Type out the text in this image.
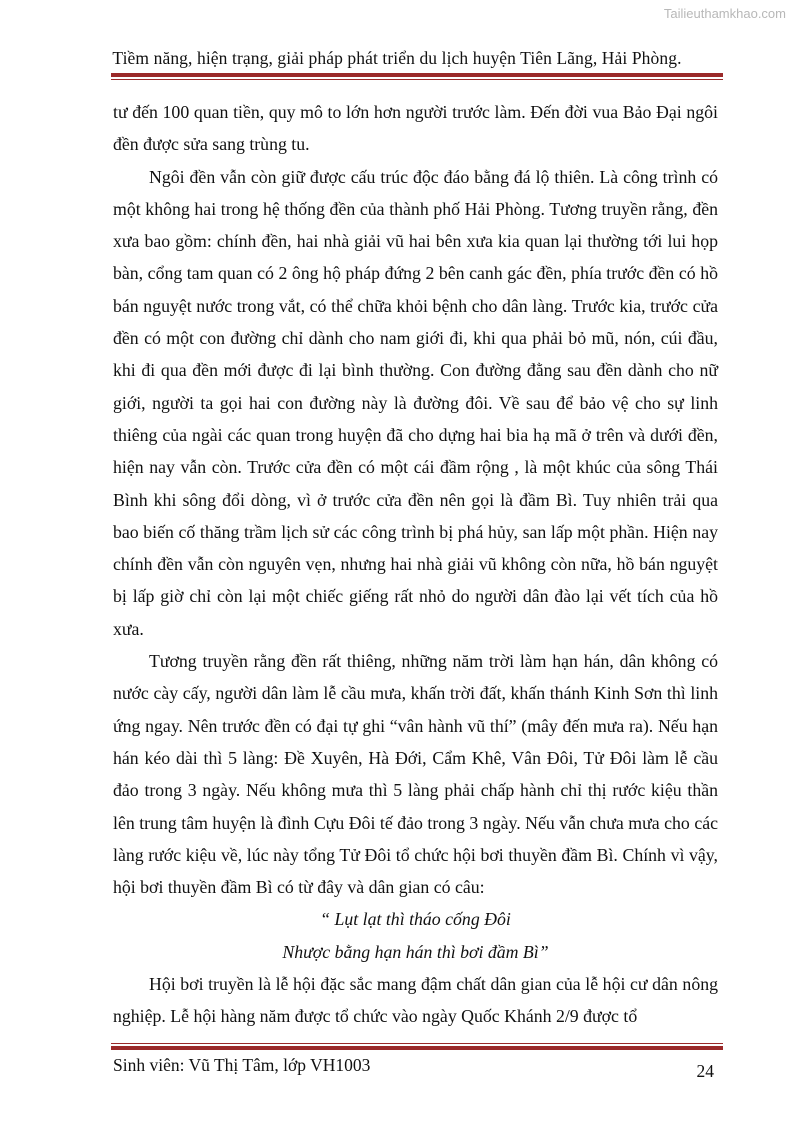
Tailieuthamkhao.com
Tiềm năng, hiện trạng, giải pháp phát triển du lịch huyện Tiên Lãng, Hải Phòng.

tư đến 100 quan tiền, quy mô to lớn hơn người trước làm. Đến đời vua Bảo Đại ngôi đền được sửa sang trùng tu.

Ngôi đền vẫn còn giữ được cấu trúc độc đáo bằng đá lộ thiên. Là công trình có một không hai trong hệ thống đền của thành phố Hải Phòng. Tương truyền rằng, đền xưa bao gồm: chính đền, hai nhà giải vũ hai bên xưa kia quan lại thường tới lui họp bàn, cổng tam quan có 2 ông hộ pháp đứng 2 bên canh gác đền, phía trước đền có hồ bán nguyệt nước trong vắt, có thể chữa khỏi bệnh cho dân làng. Trước kia, trước cửa đền có một con đường chỉ dành cho nam giới đi, khi qua phải bỏ mũ, nón, cúi đầu, khi đi qua đền mới được đi lại bình thường. Con đường đằng sau đền dành cho nữ giới, người ta gọi hai con đường này là đường đôi. Về sau để bảo vệ cho sự linh thiêng của ngài các quan trong huyện đã cho dựng hai bia hạ mã ở trên và dưới đền, hiện nay vẫn còn. Trước cửa đền có một cái đầm rộng , là một khúc của sông Thái Bình khi sông đổi dòng, vì ở trước cửa đền nên gọi là đầm Bì. Tuy nhiên trải qua bao biến cố thăng trầm lịch sử các công trình bị phá hủy, san lấp một phần. Hiện nay chính đền vẫn còn nguyên vẹn, nhưng hai nhà giải vũ không còn nữa, hồ bán nguyệt bị lấp giờ chỉ còn lại một chiếc giếng rất nhỏ do người dân đào lại vết tích của hồ xưa.

Tương truyền rằng đền rất thiêng, những năm trời làm hạn hán, dân không có nước cày cấy, người dân làm lễ cầu mưa, khấn trời đất, khấn thánh Kinh Sơn thì linh ứng ngay. Nên trước đền có đại tự ghi “vân hành vũ thí” (mây đến mưa ra). Nếu hạn hán kéo dài thì 5 làng: Đề Xuyên, Hà Đới, Cẩm Khê, Vân Đôi, Tử Đôi làm lễ cầu đảo trong 3 ngày. Nếu không mưa thì 5 làng phải chấp hành chỉ thị rước kiệu thần lên trung tâm huyện là đình Cựu Đôi tế đảo trong 3 ngày. Nếu vẫn chưa mưa cho các làng rước kiệu về, lúc này tổng Tử Đôi tổ chức hội bơi thuyền đầm Bì. Chính vì vậy, hội bơi thuyền đầm Bì có từ đây và dân gian có câu:

“ Lụt lạt thì tháo cống Đôi

Nhược bằng hạn hán thì bơi đầm Bì”

Hội bơi truyền là lễ hội đặc sắc mang đậm chất dân gian của lễ hội cư dân nông nghiệp. Lễ hội hàng năm được tổ chức vào ngày Quốc Khánh 2/9 được tổ

Sinh viên: Vũ Thị Tâm, lớp VH1003	24
